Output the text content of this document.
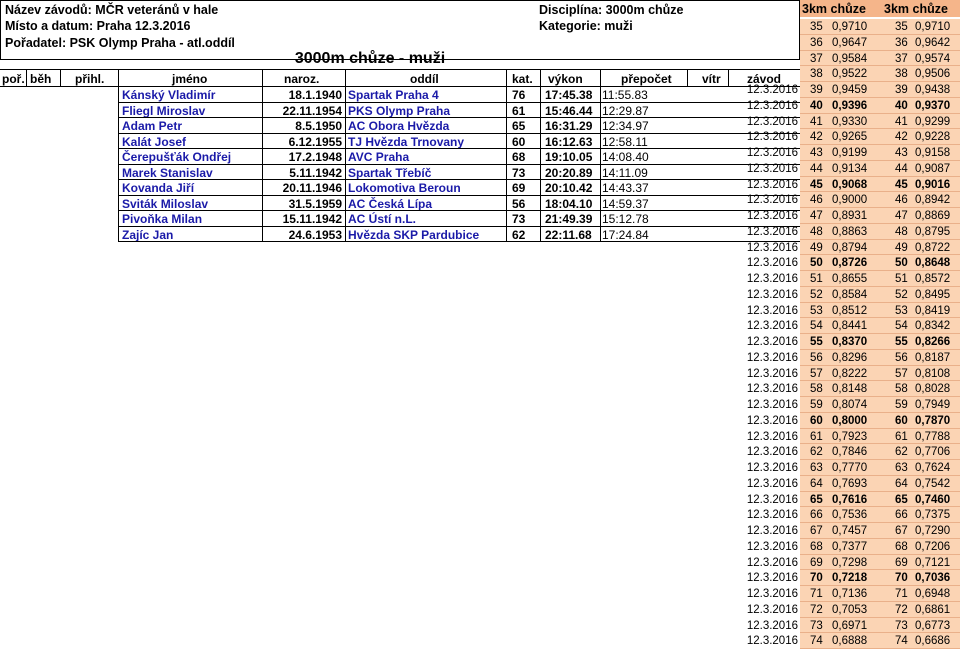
Název závodů: MČR veteránů v hale
Místo a datum: Praha 12.3.2016
Pořadatel: PSK Olymp Praha - atl.oddíl
Disciplína: 3000m chůze
Kategorie: muži
3km chůze 3km chůze
3000m chůze - muži
poř. běh přihl.	jméno	naroz.	oddíl	kat. výkon	přepočet	vítr závod
Kánský Vladimír	18.1.1940 Spartak Praha 4	76 17:45.38 11:55.83
Fliegl Miroslav	22.11.1954 PKS Olymp Praha	61 15:46.44 12:29.87
Adam Petr	8.5.1950 AC Obora Hvězda	65 16:31.29 12:34.97
Kalát Josef	6.12.1955 TJ Hvězda Trnovany	60 16:12.63 12:58.11
Čerepušťák Ondřej	17.2.1948 AVC Praha	68 19:10.05 14:08.40
Marek Stanislav	5.11.1942 Spartak Třebíč	73 20:20.89 14:11.09
Kovanda Jiří	20.11.1946 Lokomotiva Beroun	69 20:10.42 14:43.37
Sviták Miloslav	31.5.1959 AC Česká Lípa	56 18:04.10 14:59.37
Pivoňka Milan	15.11.1942 AC Ústí n.L.	73 21:49.39 15:12.78
Zajíc Jan	24.6.1953 Hvězda SKP Pardubice	62 22:11.68 17:24.84
35 0,9710 35 0,9710
36 0,9647 36 0,9642
37 0,9584 37 0,9574
38 0,9522 38 0,9506
12.3.2016 39 0,9459 39 0,9438
12.3.2016 40 0,9396 40 0,9370
12.3.2016 41 0,9330 41 0,9299
12.3.2016 42 0,9265 42 0,9228
12.3.2016 43 0,9199 43 0,9158
12.3.2016 44 0,9134 44 0,9087
12.3.2016 45 0,9068 45 0,9016
12.3.2016 46 0,9000 46 0,8942
12.3.2016 47 0,8931 47 0,8869
12.3.2016 48 0,8863 48 0,8795
12.3.2016 49 0,8794 49 0,8722
12.3.2016 50 0,8726 50 0,8648
12.3.2016 51 0,8655 51 0,8572
12.3.2016 52 0,8584 52 0,8495
12.3.2016 53 0,8512 53 0,8419
12.3.2016 54 0,8441 54 0,8342
12.3.2016 55 0,8370 55 0,8266
12.3.2016 56 0,8296 56 0,8187
12.3.2016 57 0,8222 57 0,8108
12.3.2016 58 0,8148 58 0,8028
12.3.2016 59 0,8074 59 0,7949
12.3.2016 60 0,8000 60 0,7870
12.3.2016 61 0,7923 61 0,7788
12.3.2016 62 0,7846 62 0,7706
12.3.2016 63 0,7770 63 0,7624
12.3.2016 64 0,7693 64 0,7542
12.3.2016 65 0,7616 65 0,7460
12.3.2016 66 0,7536 66 0,7375
12.3.2016 67 0,7457 67 0,7290
12.3.2016 68 0,7377 68 0,7206
12.3.2016 69 0,7298 69 0,7121
12.3.2016 70 0,7218 70 0,7036
12.3.2016 71 0,7136 71 0,6948
12.3.2016 72 0,7053 72 0,6861
12.3.2016 73 0,6971 73 0,6773
12.3.2016 74 0,6888 74 0,6686
